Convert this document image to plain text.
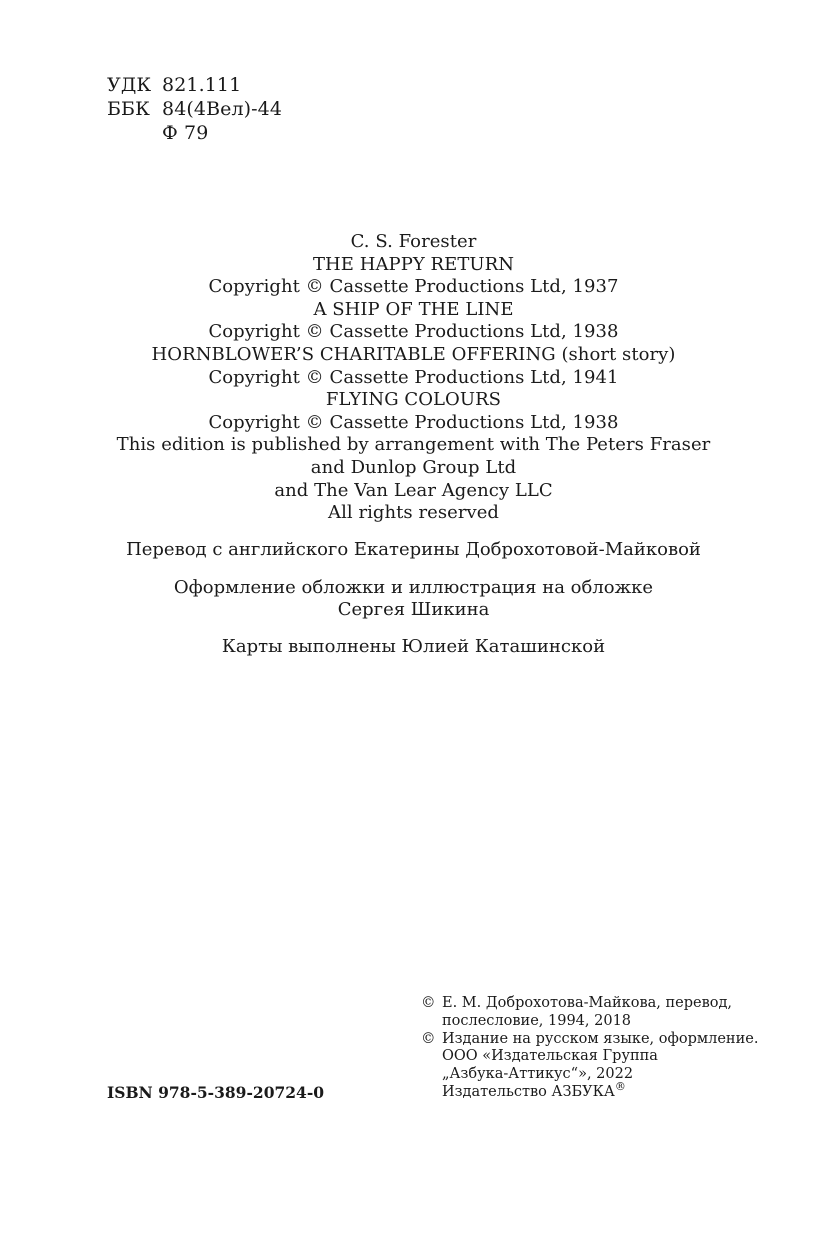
УДК 821.111
ББК 84(4Вел)-44
Ф 79
C. S. Forester
THE HAPPY RETURN
Copyright © Cassette Productions Ltd, 1937
A SHIP OF THE LINE
Copyright © Cassette Productions Ltd, 1938
HORNBLOWER’S CHARITABLE OFFERING (short story)
Copyright © Cassette Productions Ltd, 1941
FLYING COLOURS
Copyright © Cassette Productions Ltd, 1938
This edition is published by arrangement with The Peters Fraser
and Dunlop Group Ltd
and The Van Lear Agency LLC
All rights reserved
Перевод с английского Екатерины Доброхотовой-Майковой
Оформление обложки и иллюстрация на обложке
Сергея Шикина
Карты выполнены Юлией Каташинской
ISBN 978-5-389-20724-0
© Е. М. Доброхотова-Майкова, перевод,
послесловие, 1994, 2018
© Издание на русском языке, оформление.
ООО «Издательская Группа
„Азбука-Аттикус“», 2022
Издательство АЗБУКА®
